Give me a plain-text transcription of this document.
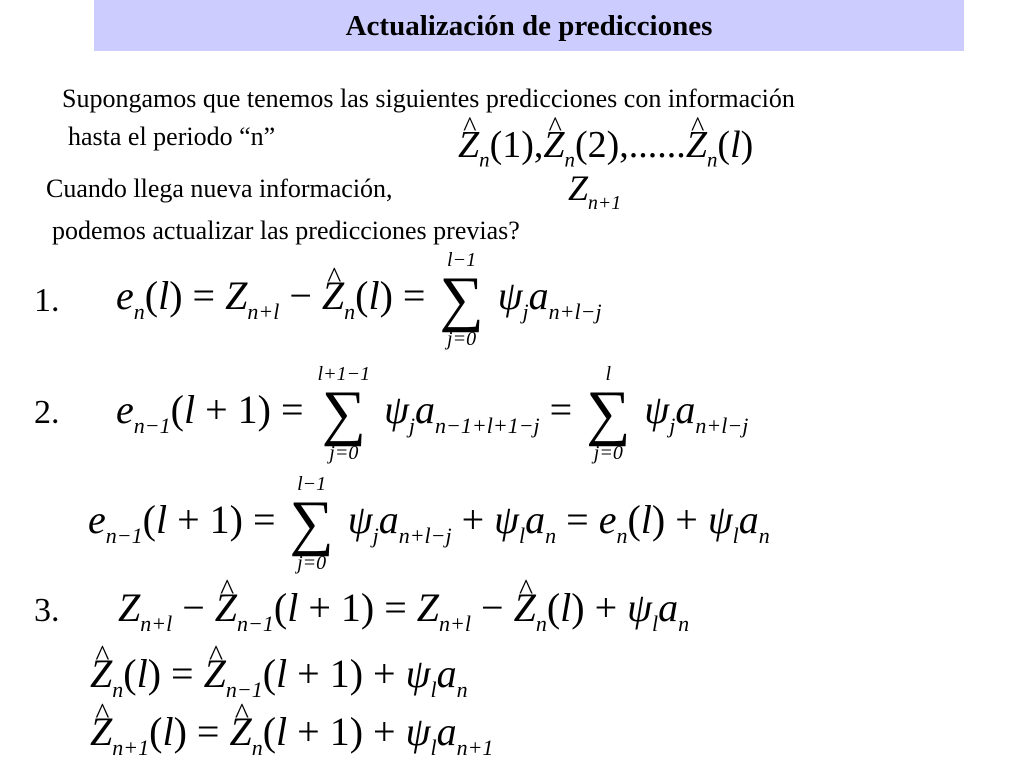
Actualización de predicciones
Supongamos que tenemos las siguientes predicciones con información
hasta el periodo “n”	Z $\^{}_n(1),Z$ $\^{}_n(2),......Z$ $\^{}_n(l)$
Cuando llega nueva información,	$Z_{n+1}$
podemos actualizar las predicciones previas?
1. $e_n(l) = Z_{n+l} - Z$ $\^{}_n(l)$ =
l−1
∑
j=0
$\psi_ja_{n+l-j}$
2. $e_{n-1}(l + 1)$ =
l+1−1
∑
j=0
$\psi_ja_{n-1+l+1-j}$ =
l
∑
j=0
$\psi_ja_{n+l-j}$
$e_{n-1}(l + 1)$ =
l−1
∑
j=0
$\psi_ja_{n+l-j} + \psi_la_n = e_n(l) + \psi_la_n$
3. $Z_{n+l} - Z$ $\^{}_{n-1}(l + 1) = Z_{n+l} - Z$ $\^{}_n(l) + \psi_la_n$
Z $\^{}_n(l) = Z$ $\^{}_{n-1}(l + 1) + \psi_la_n$
Z $\^{}_{n+1}(l) = Z$ $\^{}_n(l + 1) + \psi_la_{n+1}$
